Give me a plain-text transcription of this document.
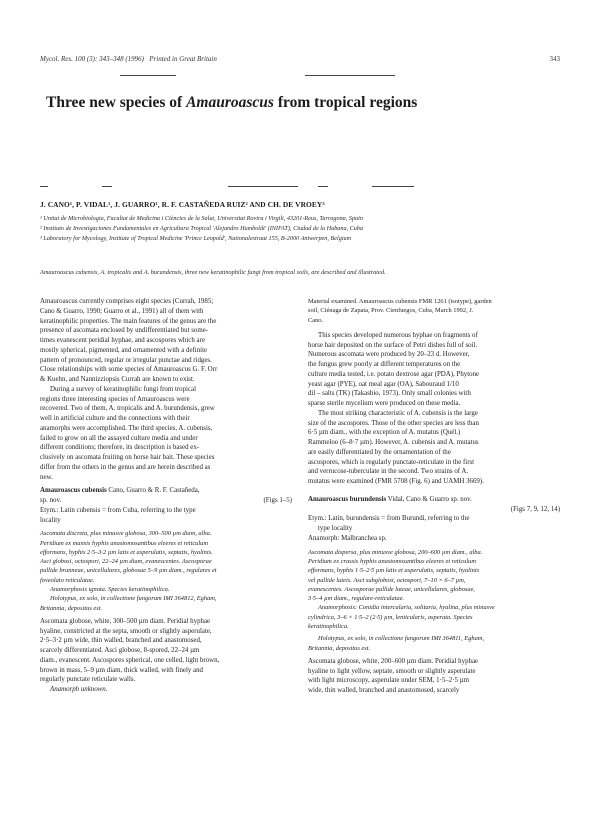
Mycol. Res. 100 (3): 343–348 (1996) Printed in Great Britain	343
Three new species of Amauroascus from tropical regions
J. CANO¹, P. VIDAL¹, J. GUARRO¹, R. F. CASTAÑEDA RUIZ² AND CH. DE VROEY³
¹ Unitat de Microbiologia, Facultat de Medicina i Ciències de la Salut, Universitat Rovira i Virgili, 43201-Reus, Tarragona, Spain
² Instituto de Investigaciones Fundamentales en Agricultura Tropical 'Alejandro Humboldt' (INIFAT), Ciudad de la Habana, Cuba
³ Laboratory for Mycology, Institute of Tropical Medicine 'Prince Leopold', Nationalestraat 155, B-2000 Antwerpen, Belgium
Amauroascus cubensis, A. tropicalis and A. burundensis, three new keratinophilic fungi from tropical soils, are described and illustrated.

Amauroascus currently comprises eight species (Currah, 1985;

Cano & Guarro, 1990; Guarro et al., 1991) all of them with

keratinophilic properties. The main features of the genus are the

presence of ascomata enclosed by undifferentiated but some-

times evanescent peridial hyphae, and ascospores which are

mostly spherical, pigmented, and ornamented with a definite

pattern of pronounced, regular or irregular punctae and ridges.

Close relationships with some species of Amauroascus G. F. Orr

& Kuehn, and Nannizziopsis Currah are known to exist.

During a survey of keratinophilic fungi from tropical

regions three interesting species of Amauroascus were

recovered. Two of them, A. tropicalis and A. burundensis, grew

well in artificial culture and the connections with their

anamorphs were accomplished. The third species, A. cubensis,

failed to grow on all the assayed culture media and under

different conditions; therefore, its description is based ex-

clusively on ascomata fruiting on horse hair bait. These species

differ from the others in the genus and are herein described as

new.

Amauroascus cubensis Cano, Guarro & R. F. Castañeda,

sp. nov.	(Figs 1–5)

Etym.: Latin cubensis = from Cuba, referring to the type

locality

Ascomata discreta, plus minusve globosa, 300–500 µm diam, alba.

Peridium ex mansis hyphis anastomosantibus eleeres et reticulum

efformans, hyphis 2·5–3·2 µm latis et asperulatis, septatis, hyalinis.

Asci globosi, octospori, 22–24 µm diam, evanescentes. Ascosporae

pallide brunneae, unicellulares, globosae 5–9 µm diam., regulares et

foveolato reticulatae.

Anamorphosis ignota. Species keratinophilica.

Holotypus, ex solo, in collectione fungorum IMI 364812, Egham,

Britannia, depositus est.

Ascomata globose, white, 300–500 µm diam. Peridial hyphae

hyaline, constricted at the septa, smooth or slightly asperulate,

2·5–3·2 µm wide, thin walled, branched and anastomosed,

scarcely differentiated. Asci globose, 8-spored, 22–24 µm

diam., evanescent. Ascospores spherical, one celled, light brown,

brown in mass, 5–9 µm diam, thick walled, with finely and

regularly punctate reticulate walls.

Anamorph unknown.

Material examined. Amauroascus cubensis FMR 1261 (isotype), garden

soil, Ciénaga de Zapata, Prov. Cienfuegos, Cuba, March 1992, J.

Cano.

This species developed numerous hyphae on fragments of

horse hair deposited on the surface of Petri dishes full of soil.

Numerous ascomata were produced by 20–23 d. However,

the fungus grew poorly at different temperatures on the

culture media tested, i.e. potato dextrose agar (PDA), Phytone

yeast agar (PYE), oat meal agar (OA), Sabouraud 1/10

dil – salts (TK) (Takashio, 1973). Only small colonies with

sparse sterile mycelium were produced on these media.

The most striking characteristic of A. cubensis is the large

size of the ascospores. Those of the other species are less than

6·5 µm diam., with the exception of A. mutatus (Quél.)

Rammeloo (6–8·7 µm). However, A. cubensis and A. mutatus

are easily differentiated by the ornamentation of the

ascospores, which is regularly punctate-reticulate in the first

and verrucose-tuberculate in the second. Two strains of A.

mutatus were examined (FMR 5708 (Fig. 6) and UAMH 3669).

Amauroascus burundensis Vidal, Cano & Guarro sp. nov.

(Figs 7, 9, 12, 14)

Etym.: Latin, burundensis = from Burundi, referring to the

type locality

Anamorph: Malbranchea sp.

Ascomata dispersa, plus minusve globosa, 200–600 µm diam., alba.

Peridium ex crassis hyphis anastomosantibus eleeres et reticulum

efformans, hyphis 1·5–2·5 µm latis et asperulatis, septatis, hyalinis

vel pallide luteis. Asci subglobosi, octospori, 7–10 × 6–7 µm,

evanescentes. Ascosporae pallide luteae, unicellulares, globosae,

3·5–4 µm diam., regulare-reticulatae.

Anamorphosis: Conidia intercalaria, solitaria, hyalina, plus minusve

cylindrica, 3–6 × 1·5–2 (2·5) µm, lenticularis, asperata. Species

keratinophilica.

Holotypus, ex solo, in collectione fungorum IMI 364811, Egham,

Britannia, depositus est.

Ascomata globose, white, 200–600 µm diam. Peridial hyphae

hyaline to light yellow, septate, smooth or slightly asperulate

with light microscopy, asperulate under SEM, 1·5–2·5 µm

wide, thin walled, branched and anastomosed, scarcely
